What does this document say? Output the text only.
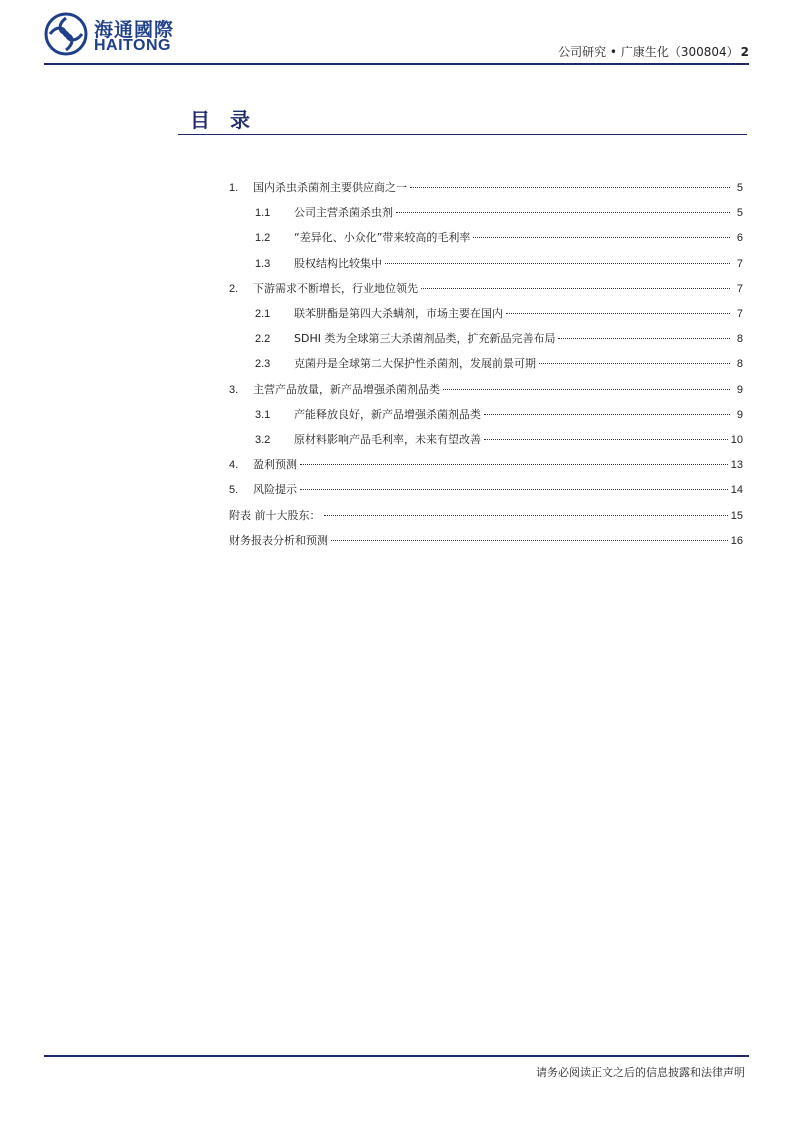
海通國際
HAITONG	公司研究 • 广康生化（300804） 2
目录
1.	国内杀虫杀菌剂主要供应商之一	5
1.1	公司主营杀菌杀虫剂	5
1.2	“差异化、小众化”带来较高的毛利率	6
1.3	股权结构比较集中	7
2.	下游需求不断增长，行业地位领先	7
2.1	联苯肼酯是第四大杀螨剂，市场主要在国内	7
2.2	SDHI 类为全球第三大杀菌剂品类，扩充新品完善布局	8
2.3	克菌丹是全球第二大保护性杀菌剂，发展前景可期	8
3.	主营产品放量，新产品增强杀菌剂品类	9
3.1	产能释放良好，新产品增强杀菌剂品类	9
3.2	原材料影响产品毛利率，未来有望改善	10
4.	盈利预测	13
5.	风险提示	14
附表 前十大股东：	15
财务报表分析和预测	16
请务必阅读正文之后的信息披露和法律声明
